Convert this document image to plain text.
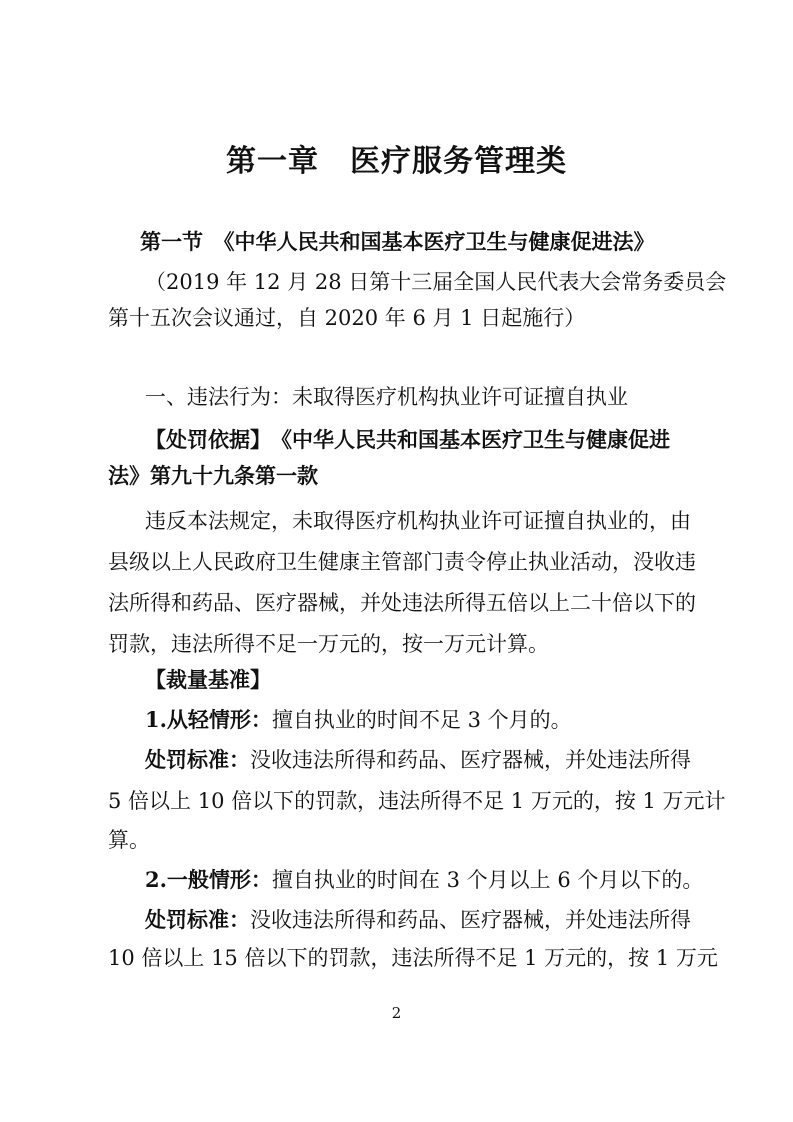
第一章　医疗服务管理类
第一节　《中华人民共和国基本医疗卫生与健康促进法》
（2019 年 12 月 28 日第十三届全国人民代表大会常务委员会
第十五次会议通过，自 2020 年 6 月 1 日起施行）
一、违法行为：未取得医疗机构执业许可证擅自执业
【处罚依据】　《中华人民共和国基本医疗卫生与健康促进
法》第九十九条第一款
违反本法规定，未取得医疗机构执业许可证擅自执业的，由
县级以上人民政府卫生健康主管部门责令停止执业活动，没收违
法所得和药品、医疗器械，并处违法所得五倍以上二十倍以下的
罚款，违法所得不足一万元的，按一万元计算。
【裁量基准】
1.从轻情形：擅自执业的时间不足 3 个月的。
处罚标准：没收违法所得和药品、医疗器械，并处违法所得
5 倍以上 10 倍以下的罚款，违法所得不足 1 万元的，按 1 万元计
算。
2.一般情形：擅自执业的时间在 3 个月以上 6 个月以下的。
处罚标准：没收违法所得和药品、医疗器械，并处违法所得
10 倍以上 15 倍以下的罚款，违法所得不足 1 万元的，按 1 万元
2
